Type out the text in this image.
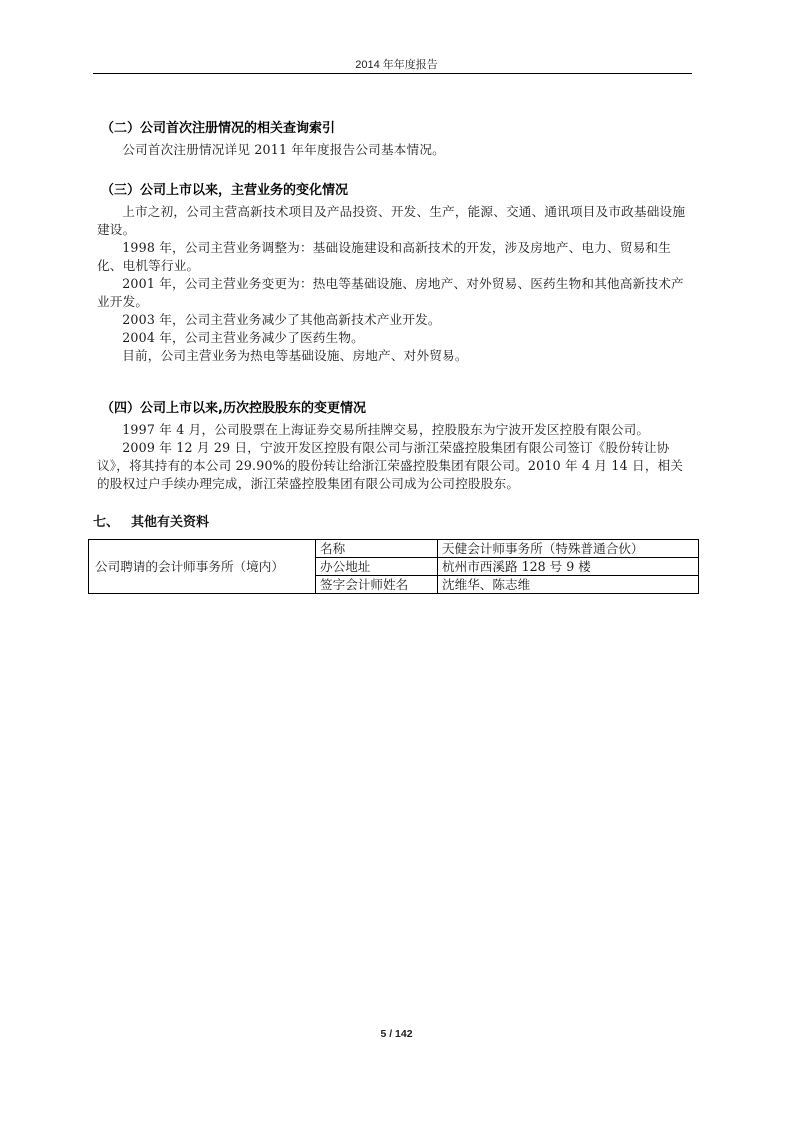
2014 年年度报告
（二）公司首次注册情况的相关查询索引
公司首次注册情况详见 2011 年年度报告公司基本情况。
（三）公司上市以来，主营业务的变化情况
上市之初，公司主营高新技术项目及产品投资、开发、生产，能源、交通、通讯项目及市政基础设施建设。
1998 年，公司主营业务调整为：基础设施建设和高新技术的开发，涉及房地产、电力、贸易和生化、电机等行业。
2001 年，公司主营业务变更为：热电等基础设施、房地产、对外贸易、医药生物和其他高新技术产业开发。
2003 年，公司主营业务减少了其他高新技术产业开发。
2004 年，公司主营业务减少了医药生物。
目前，公司主营业务为热电等基础设施、房地产、对外贸易。
（四）公司上市以来,历次控股股东的变更情况
1997 年 4 月，公司股票在上海证券交易所挂牌交易，控股股东为宁波开发区控股有限公司。
2009 年 12 月 29 日，宁波开发区控股有限公司与浙江荣盛控股集团有限公司签订《股份转让协议》，将其持有的本公司 29.90%的股份转让给浙江荣盛控股集团有限公司。2010 年 4 月 14 日，相关的股权过户手续办理完成，浙江荣盛控股集团有限公司成为公司控股股东。
七、 其他有关资料
公司聘请的会计师事务所（境内）	名称	天健会计师事务所（特殊普通合伙）
	办公地址	杭州市西溪路 128 号 9 楼
	签字会计师姓名	沈维华、陈志维
5 / 142
